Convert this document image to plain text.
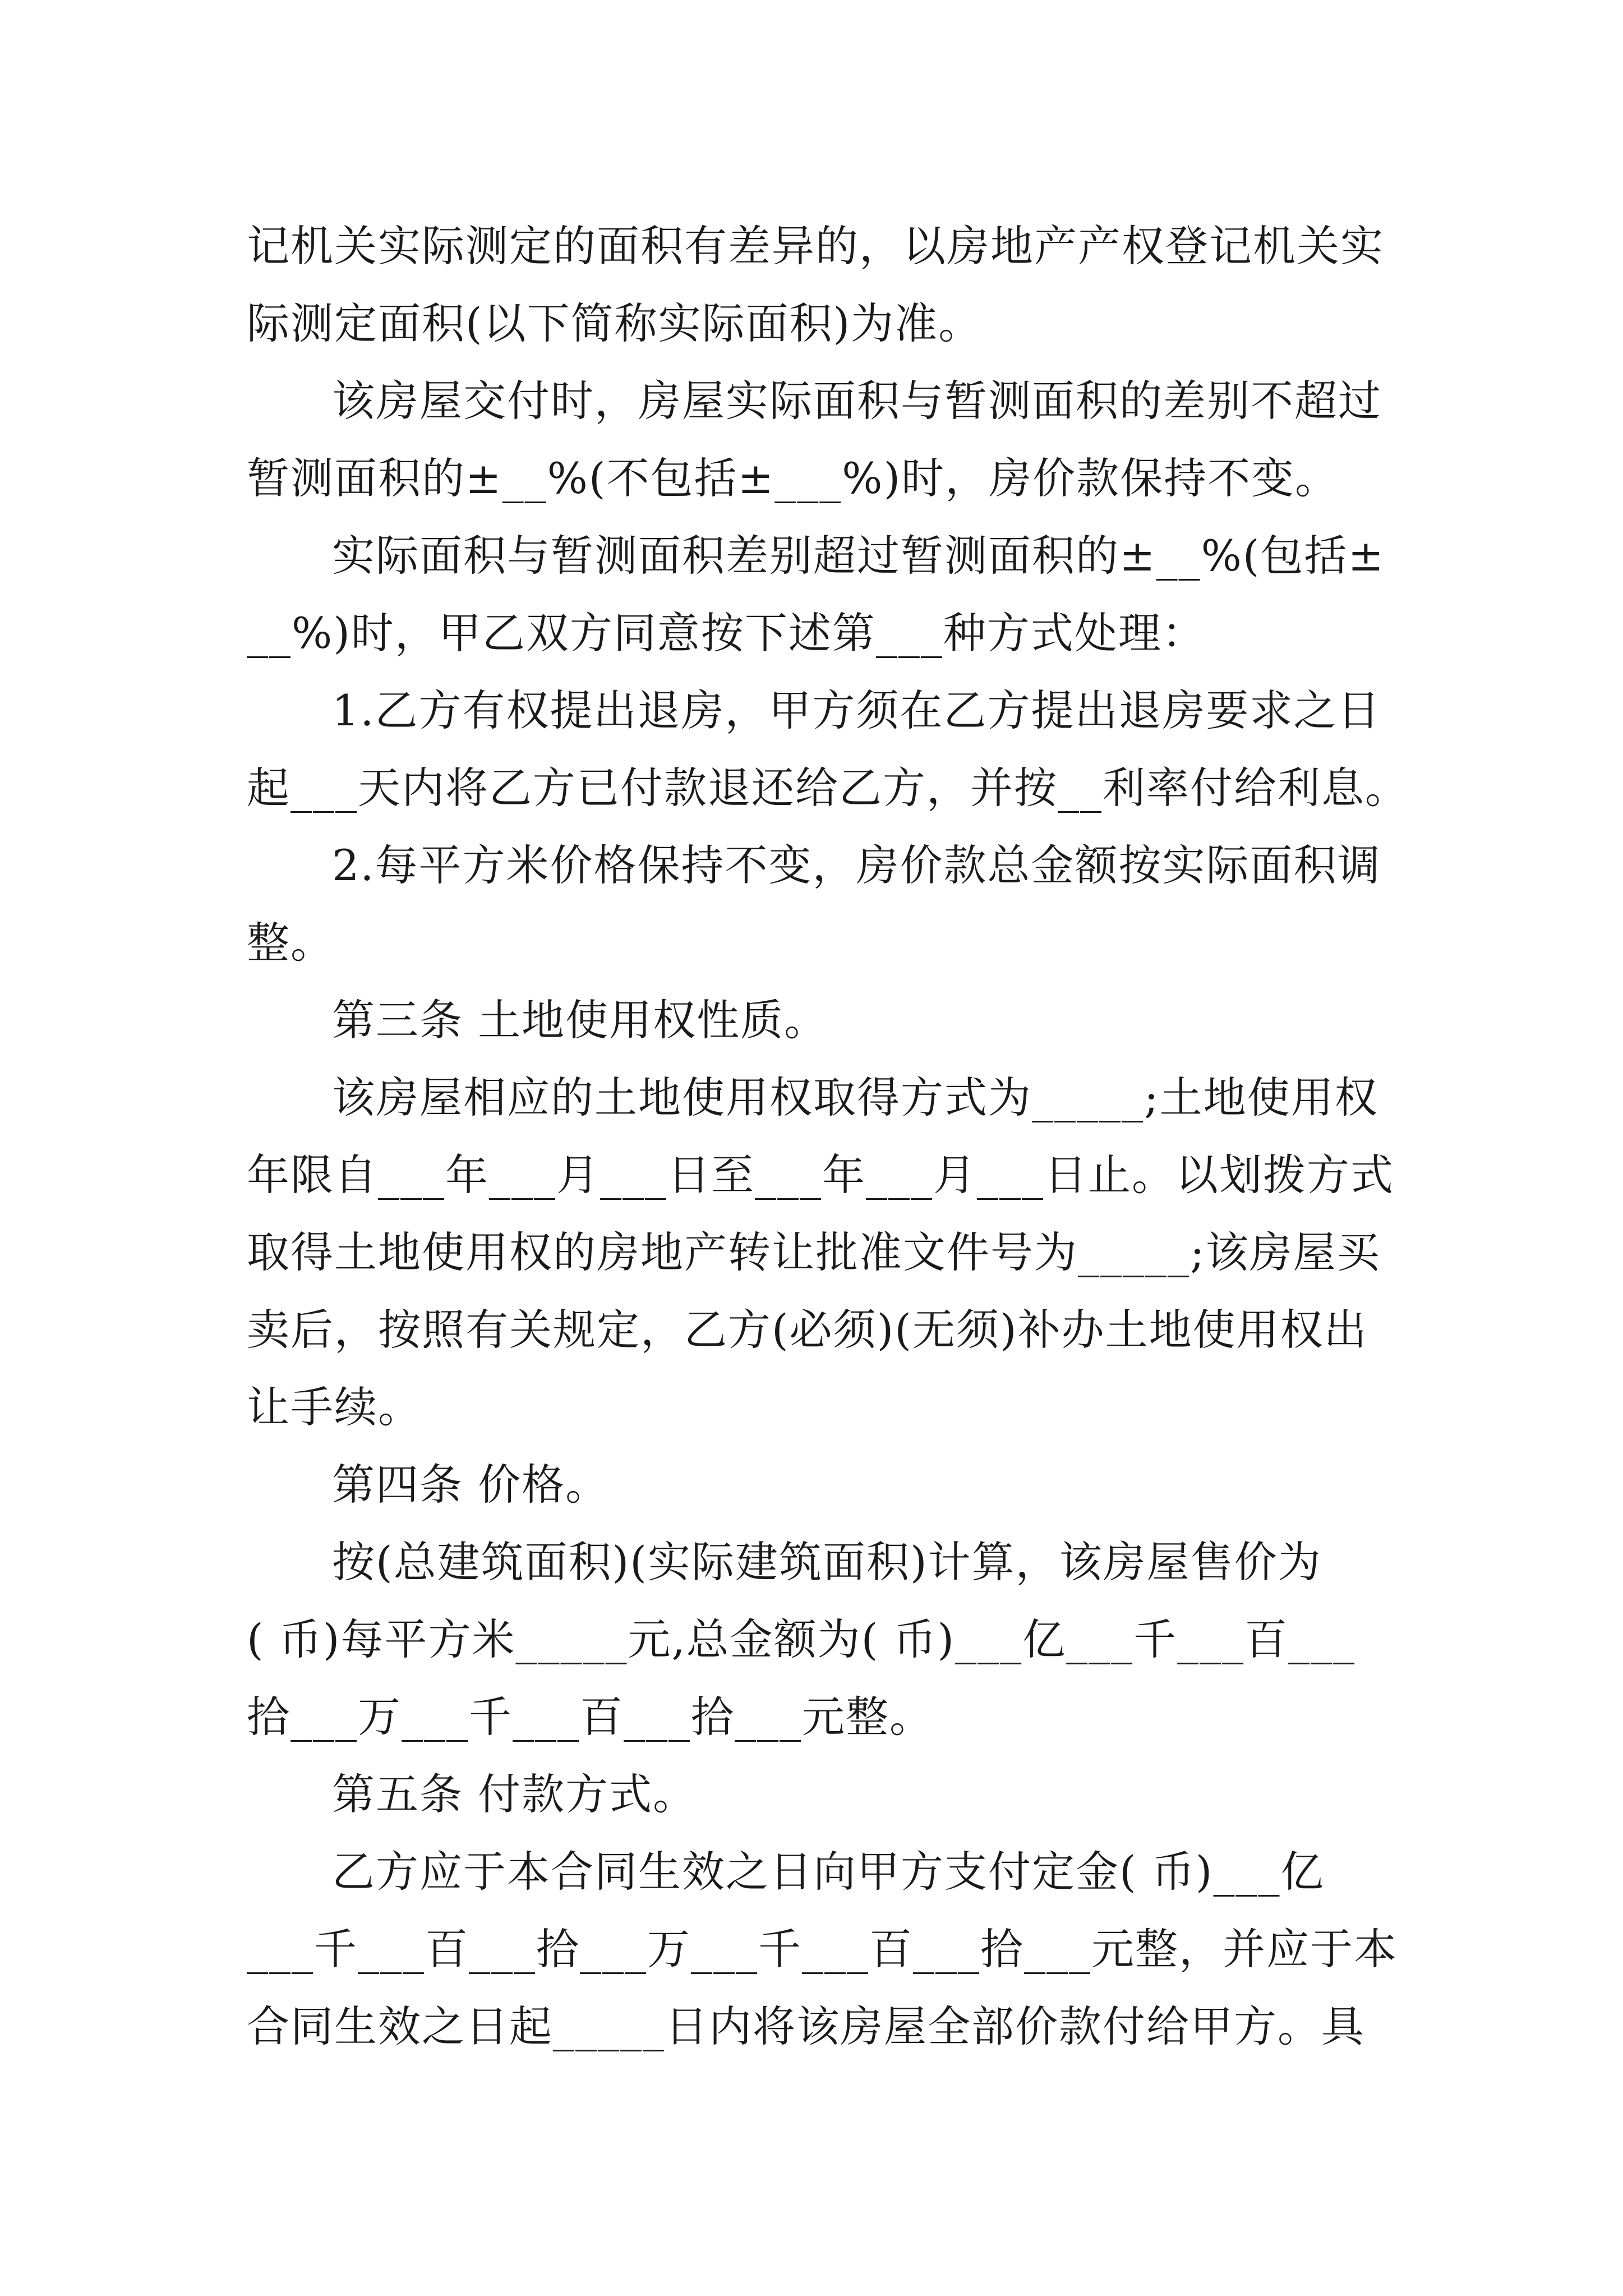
记机关实际测定的面积有差异的，以房地产产权登记机关实
际测定面积(以下简称实际面积)为准。
该房屋交付时，房屋实际面积与暂测面积的差别不超过
暂测面积的±__%(不包括±___%)时，房价款保持不变。
实际面积与暂测面积差别超过暂测面积的±__%(包括±
__%)时，甲乙双方同意按下述第___种方式处理：
1.乙方有权提出退房，甲方须在乙方提出退房要求之日
起___天内将乙方已付款退还给乙方，并按__利率付给利息。
2.每平方米价格保持不变，房价款总金额按实际面积调
整。
第三条 土地使用权性质。
该房屋相应的土地使用权取得方式为_____;土地使用权
年限自___年___月___日至___年___月___日止。以划拨方式
取得土地使用权的房地产转让批准文件号为_____;该房屋买
卖后，按照有关规定，乙方(必须)(无须)补办土地使用权出
让手续。
第四条 价格。
按(总建筑面积)(实际建筑面积)计算，该房屋售价为
( 币)每平方米_____元,总金额为( 币)___亿___千___百___
拾___万___千___百___拾___元整。
第五条 付款方式。
乙方应于本合同生效之日向甲方支付定金( 币)___亿
___千___百___拾___万___千___百___拾___元整，并应于本
合同生效之日起_____日内将该房屋全部价款付给甲方。具
